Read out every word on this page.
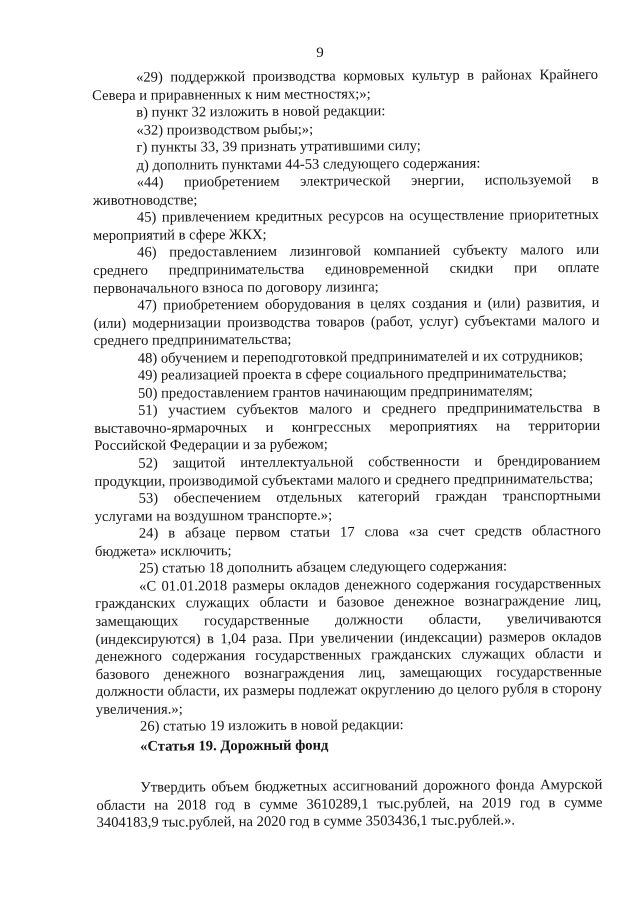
9

«29) поддержкой производства кормовых культур в районах Крайнего Севера и приравненных к ним местностях;»;

в) пункт 32 изложить в новой редакции:

«32) производством рыбы;»;

г) пункты 33, 39 признать утратившими силу;

д) дополнить пунктами 44-53 следующего содержания:

«44) приобретением электрической энергии, используемой в животноводстве;

45) привлечением кредитных ресурсов на осуществление приоритетных мероприятий в сфере ЖКХ;

46) предоставлением лизинговой компанией субъекту малого или среднего предпринимательства единовременной скидки при оплате первоначального взноса по договору лизинга;

47) приобретением оборудования в целях создания и (или) развития, и (или) модернизации производства товаров (работ, услуг) субъектами малого и среднего предпринимательства;

48) обучением и переподготовкой предпринимателей и их сотрудников;

49) реализацией проекта в сфере социального предпринимательства;

50) предоставлением грантов начинающим предпринимателям;

51) участием субъектов малого и среднего предпринимательства в выставочно-ярмарочных и конгрессных мероприятиях на территории Российской Федерации и за рубежом;

52) защитой интеллектуальной собственности и брендированием продукции, производимой субъектами малого и среднего предпринимательства;

53) обеспечением отдельных категорий граждан транспортными услугами на воздушном транспорте.»;

24) в абзаце первом статьи 17 слова «за счет средств областного бюджета» исключить;

25) статью 18 дополнить абзацем следующего содержания:

«С 01.01.2018 размеры окладов денежного содержания государственных гражданских служащих области и базовое денежное вознаграждение лиц, замещающих государственные должности области, увеличиваются (индексируются) в 1,04 раза. При увеличении (индексации) размеров окладов денежного содержания государственных гражданских служащих области и базового денежного вознаграждения лиц, замещающих государственные должности области, их размеры подлежат округлению до целого рубля в сторону увеличения.»;

26) статью 19 изложить в новой редакции:

«Статья 19. Дорожный фонд

Утвердить объем бюджетных ассигнований дорожного фонда Амурской области на 2018 год в сумме 3610289,1 тыс.рублей, на 2019 год в сумме 3404183,9 тыс.рублей, на 2020 год в сумме 3503436,1 тыс.рублей.».
